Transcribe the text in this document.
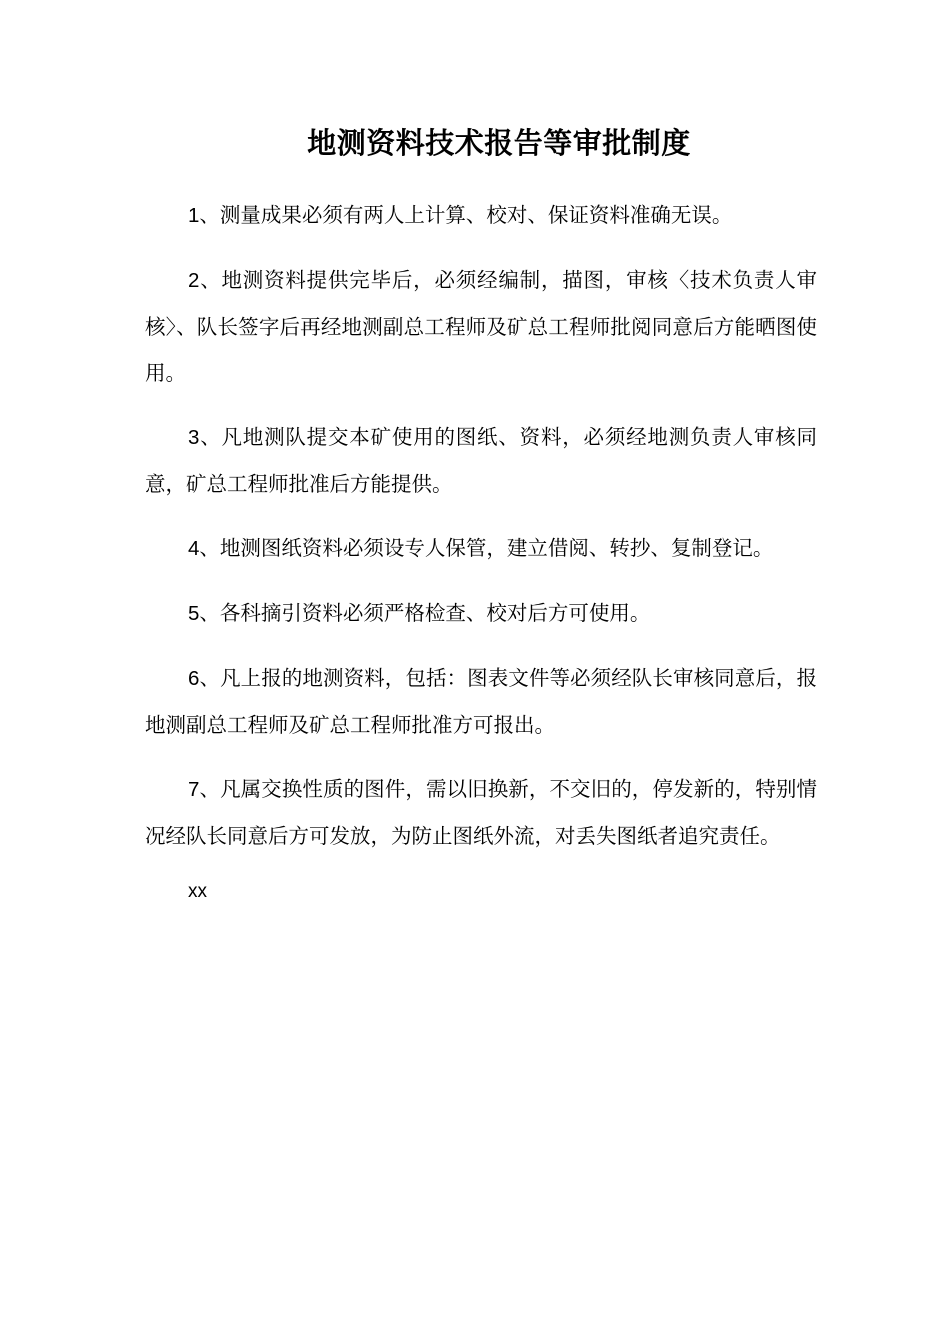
地测资料技术报告等审批制度

1、测量成果必须有两人上计算、校对、保证资料准确无误。

2、地测资料提供完毕后，必须经编制，描图，审核〈技术负责人审核〉、队长签字后再经地测副总工程师及矿总工程师批阅同意后方能晒图使用。

3、凡地测队提交本矿使用的图纸、资料，必须经地测负责人审核同意，矿总工程师批准后方能提供。

4、地测图纸资料必须设专人保管，建立借阅、转抄、复制登记。

5、各科摘引资料必须严格检查、校对后方可使用。

6、凡上报的地测资料，包括：图表文件等必须经队长审核同意后，报地测副总工程师及矿总工程师批准方可报出。

7、凡属交换性质的图件，需以旧换新，不交旧的，停发新的，特别情况经队长同意后方可发放，为防止图纸外流，对丢失图纸者追究责任。

xx
